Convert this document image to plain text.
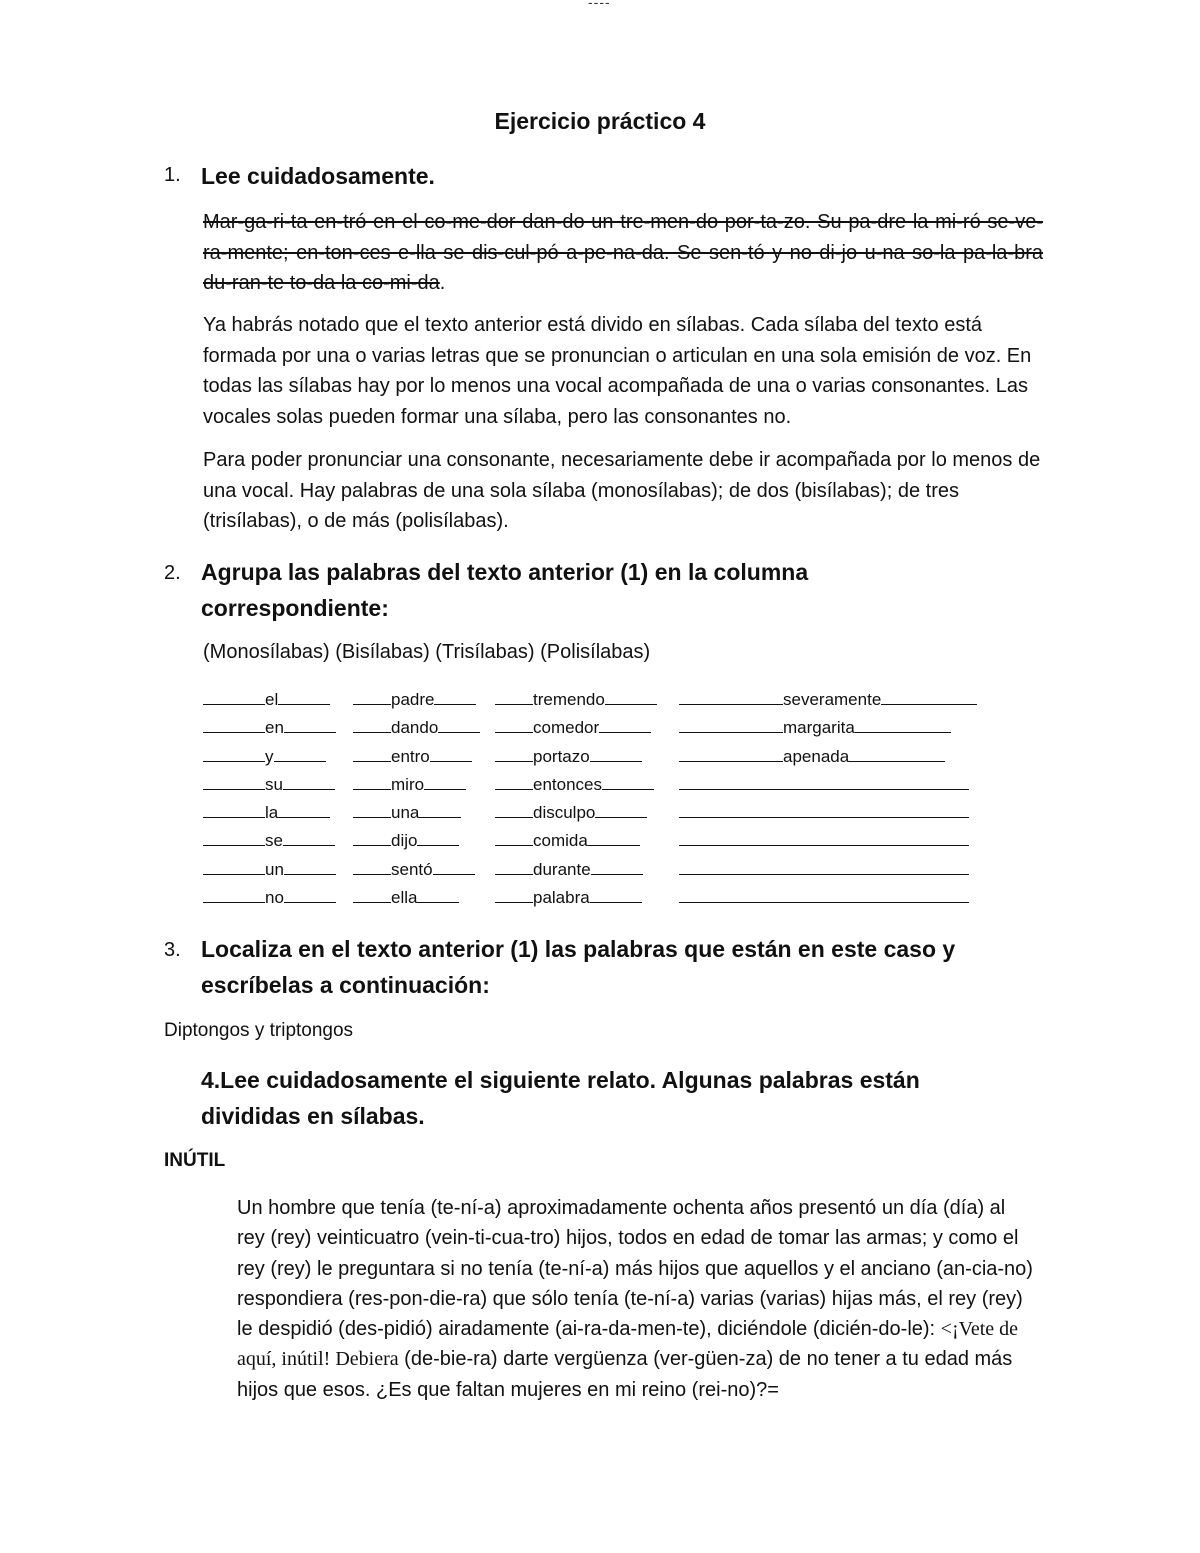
----
Ejercicio práctico 4
1. Lee cuidadosamente.

Mar-ga-ri-ta en-tró en el co-me-dor dan-do un tre-men-do por-ta-zo. Su pa-dre la mi-ró se-ve-ra-mente; en-ton-ces e-lla se dis-cul-pó a-pe-na-da. Se sen-tó y no di-jo u-na so-la pa-la-bra du-ran-te to-da la co-mi-da.

Ya habrás notado que el texto anterior está divido en sílabas. Cada sílaba del texto está formada por una o varias letras que se pronuncian o articulan en una sola emisión de voz. En todas las sílabas hay por lo menos una vocal acompañada de una o varias consonantes. Las vocales solas pueden formar una sílaba, pero las consonantes no.

Para poder pronunciar una consonante, necesariamente debe ir acompañada por lo menos de una vocal. Hay palabras de una sola sílaba (monosílabas); de dos (bisílabas); de tres (trisílabas), o de más (polisílabas).

2. Agrupa las palabras del texto anterior (1) en la columna correspondiente:
(Monosílabas) (Bisílabas) (Trisílabas) (Polisílabas)
el	padre	tremendo	severamente
en	dando	comedor	margarita
y	entro	portazo	apenada
su	miro	entonces
la	una	disculpo
se	dijo	comida
un	sentó	durante
no	ella	palabra
3. Localiza en el texto anterior (1) las palabras que están en este caso y escríbelas a continuación:
Diptongos y triptongos
4.Lee cuidadosamente el siguiente relato. Algunas palabras están divididas en sílabas.
INÚTIL

Un hombre que tenía (te-ní-a) aproximadamente ochenta años presentó un día (día) al rey (rey) veinticuatro (vein-ti-cua-tro) hijos, todos en edad de tomar las armas; y como el rey (rey) le preguntara si no tenía (te-ní-a) más hijos que aquellos y el anciano (an-cia-no) respondiera (res-pon-die-ra) que sólo tenía (te-ní-a) varias (varias) hijas más, el rey (rey) le despidió (des-pidió) airadamente (ai-ra-da-men-te), diciéndole (dicién-do-le): <¡Vete de aquí, inútil! Debiera (de-bie-ra) darte vergüenza (ver-güen-za) de no tener a tu edad más hijos que esos. ¿Es que faltan mujeres en mi reino (rei-no)?=
